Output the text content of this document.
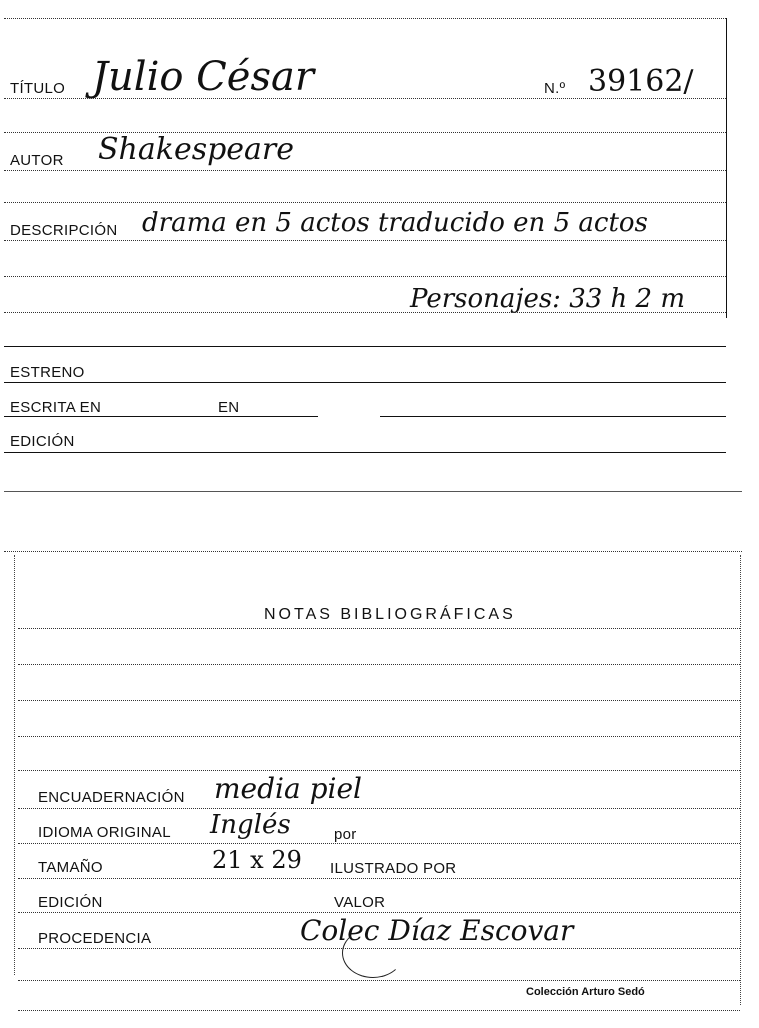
TÍTULO Julio César	N.º 39162/
AUTOR Shakespeare
DESCRIPCIÓN drama en 5 actos traducido en 5 actos
Personajes: 33 h 2 m
ESTRENO
ESCRITA EN	EN
EDICIÓN
NOTAS BIBLIOGRÁFICAS
ENCUADERNACIÓN media piel
IDIOMA ORIGINAL Inglés	por
TAMAÑO	21 x 29 ILUSTRADO POR
EDICIÓN	VALOR
PROCEDENCIA	Colec Díaz Escovar
Colección Arturo Sedó
